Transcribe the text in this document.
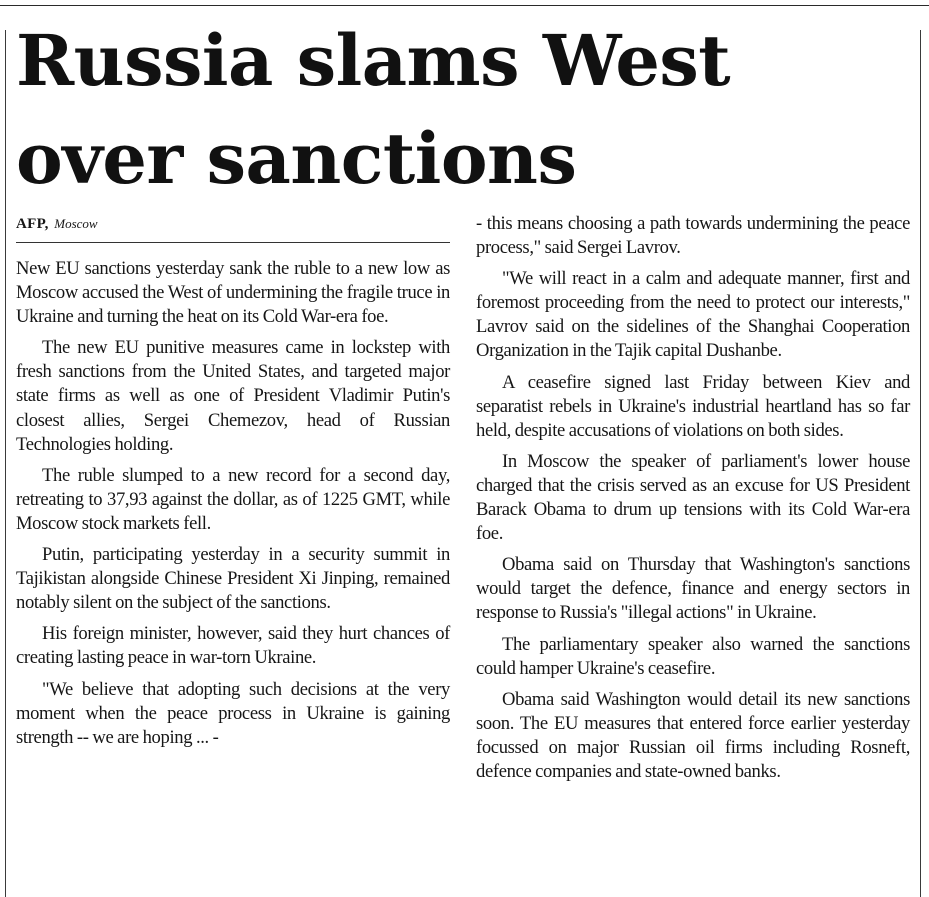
Russia slams West
over sanctions
AFP, Moscow

New EU sanctions yesterday sank the ruble to a new low as Moscow accused the West of undermining the fragile truce in Ukraine and turning the heat on its Cold War-era foe.

The new EU punitive measures came in lockstep with fresh sanctions from the United States, and targeted major state firms as well as one of President Vladimir Putin's closest allies, Sergei Chemezov, head of Russian Technologies holding.

The ruble slumped to a new record for a second day, retreating to 37,93 against the dollar, as of 1225 GMT, while Moscow stock markets fell.

Putin, participating yesterday in a security summit in Tajikistan alongside Chinese President Xi Jinping, remained notably silent on the subject of the sanctions.

His foreign minister, however, said they hurt chances of creating lasting peace in war-torn Ukraine.

"We believe that adopting such decisions at the very moment when the peace process in Ukraine is gaining strength -- we are hoping ... -

- this means choosing a path towards undermining the peace process," said Sergei Lavrov.

"We will react in a calm and adequate manner, first and foremost proceeding from the need to protect our interests," Lavrov said on the sidelines of the Shanghai Cooperation Organization in the Tajik capital Dushanbe.

A ceasefire signed last Friday between Kiev and separatist rebels in Ukraine's industrial heartland has so far held, despite accusations of violations on both sides.

In Moscow the speaker of parliament's lower house charged that the crisis served as an excuse for US President Barack Obama to drum up tensions with its Cold War-era foe.

Obama said on Thursday that Washington's sanctions would target the defence, finance and energy sectors in response to Russia's "illegal actions" in Ukraine.

The parliamentary speaker also warned the sanctions could hamper Ukraine's ceasefire.

Obama said Washington would detail its new sanctions soon. The EU measures that entered force earlier yesterday focussed on major Russian oil firms including Rosneft, defence companies and state-owned banks.
